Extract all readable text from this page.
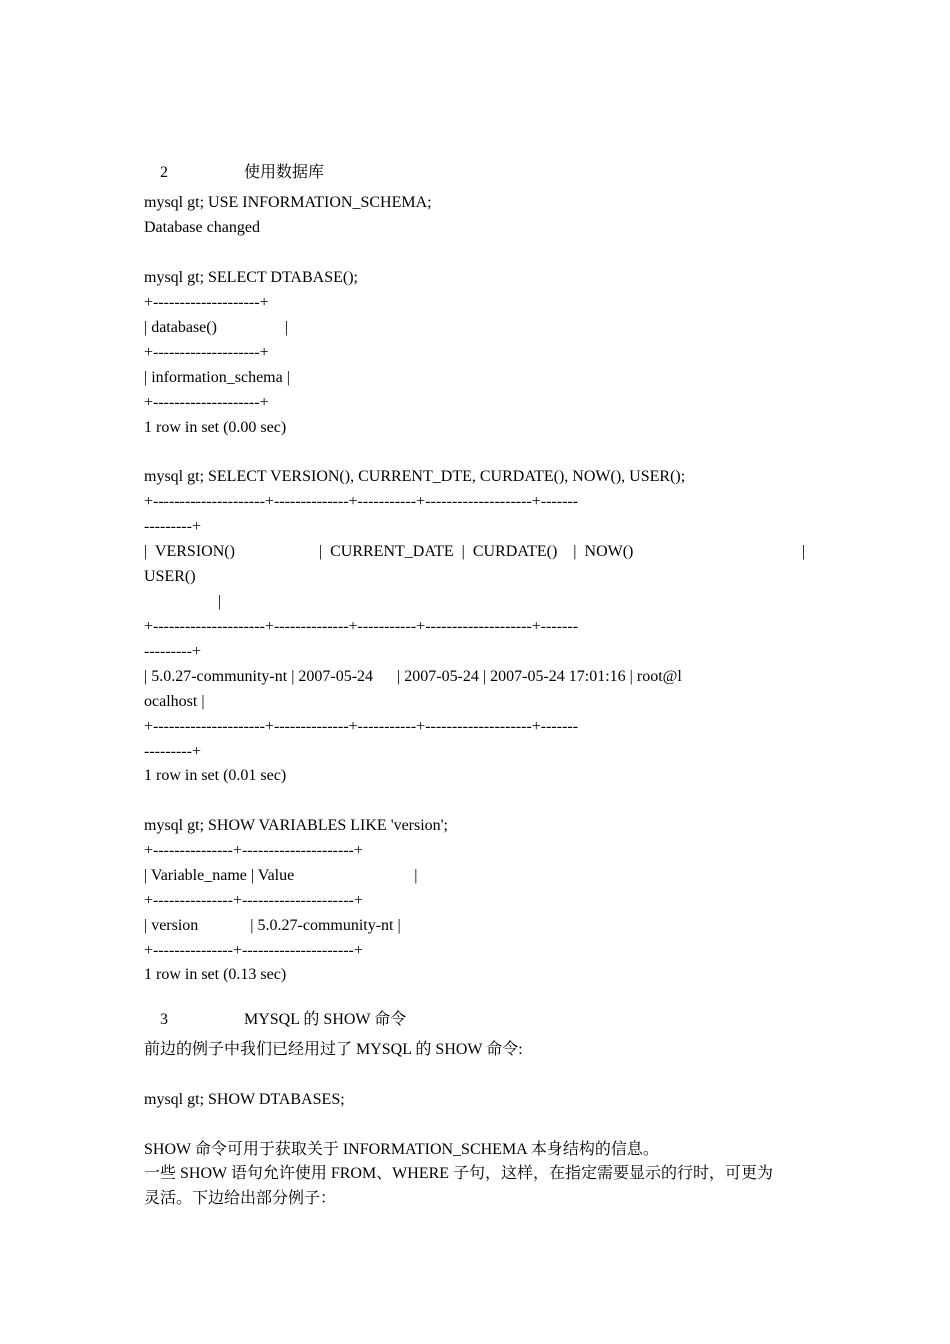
2	使用数据库

mysql gt; USE INFORMATION_SCHEMA;
Database changed
mysql gt; SELECT DTABASE();
+--------------------+
| database()                 |
+--------------------+
| information_schema |
+--------------------+
1 row in set (0.00 sec)
mysql gt; SELECT VERSION(), CURRENT_DTE, CURDATE(), NOW(), USER();
+---------------------+--------------+-----------+--------------------+-------
---------+
|  VERSION()                     |  CURRENT_DATE  |  CURDATE()    |  NOW()	|
USER()
|
+---------------------+--------------+-----------+--------------------+-------
---------+
| 5.0.27-community-nt | 2007-05-24      | 2007-05-24 | 2007-05-24 17:01:16 | root@l
ocalhost |
+---------------------+--------------+-----------+--------------------+-------
---------+
1 row in set (0.01 sec)
mysql gt; SHOW VARIABLES LIKE 'version';
+---------------+---------------------+
| Variable_name | Value                              |
+---------------+---------------------+
| version             | 5.0.27-community-nt |
+---------------+---------------------+
1 row in set (0.13 sec)

3	MYSQL 的 SHOW 命令

前边的例子中我们已经用过了 MYSQL 的 SHOW 命令:
mysql gt; SHOW DTABASES;
SHOW 命令可用于获取关于 INFORMATION_SCHEMA 本身结构的信息。
一些 SHOW 语句允许使用 FROM、WHERE 子句，这样，在指定需要显示的行时，可更为
灵活。下边给出部分例子：
